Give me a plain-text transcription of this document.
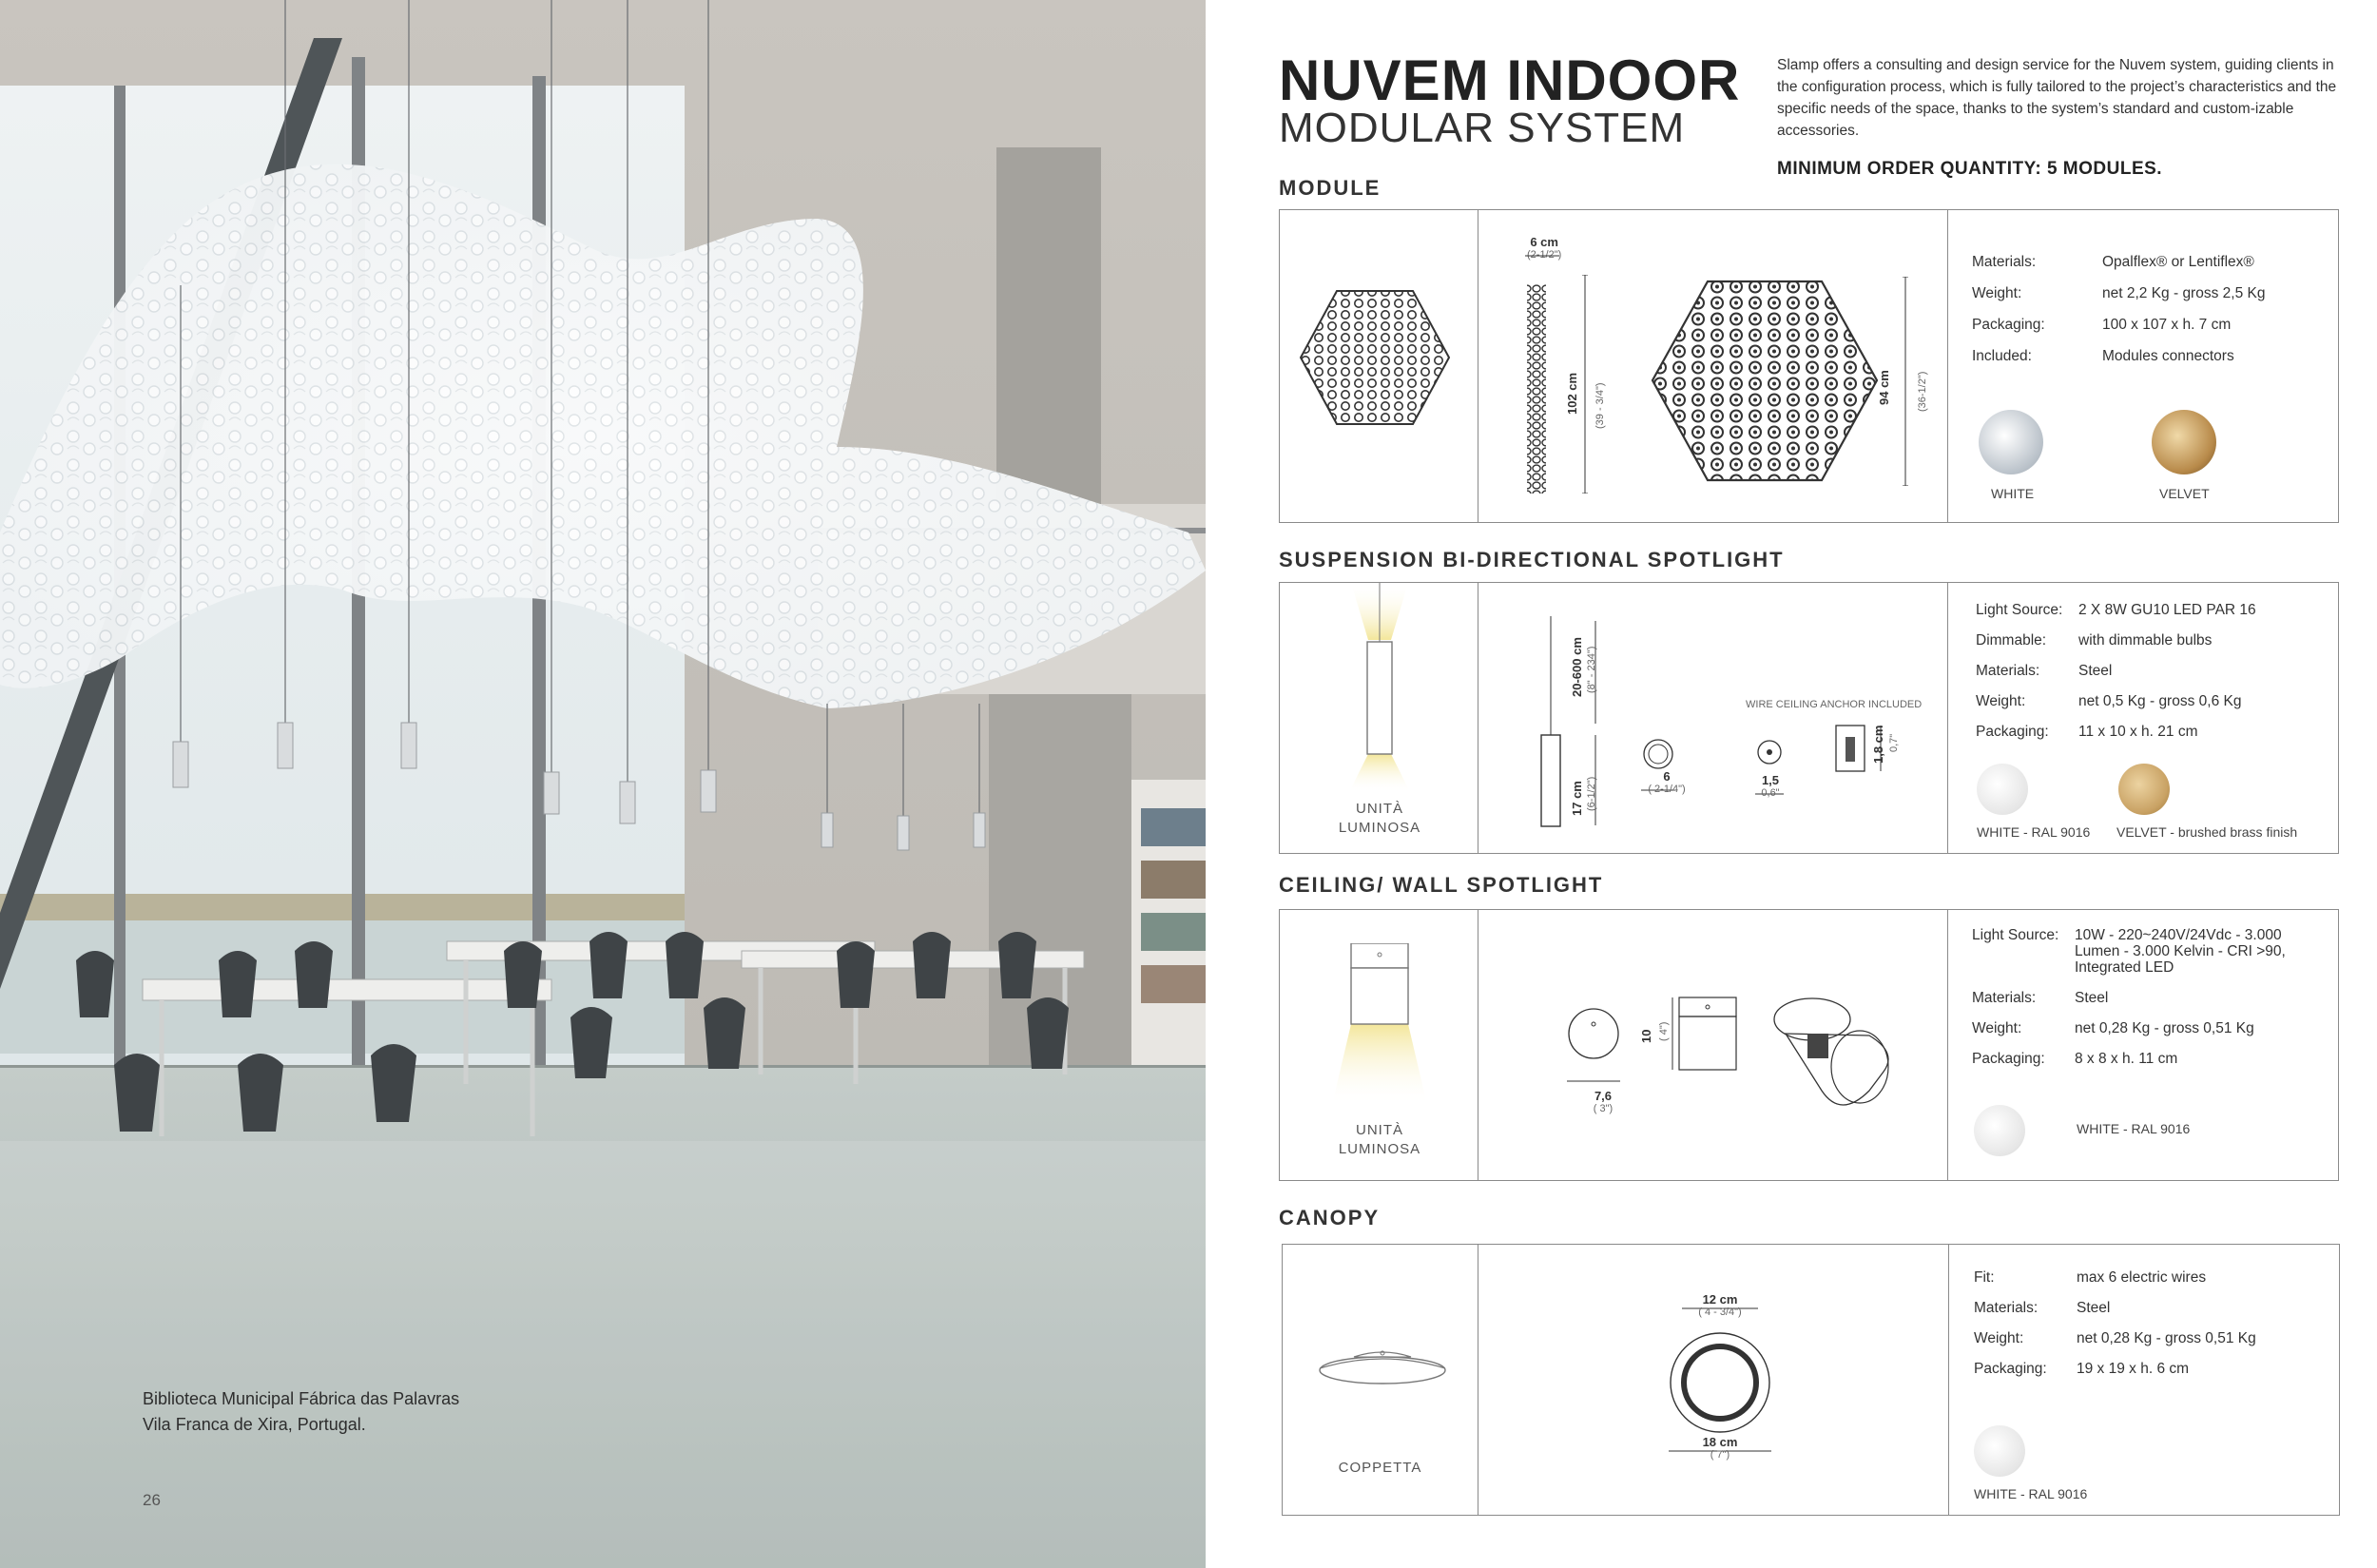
Biblioteca Municipal Fábrica das Palavras
Vila Franca de Xira, Portugal.
26
NUVEM INDOOR
MODULAR SYSTEM

Slamp offers a consulting and design service for the Nuvem system, guiding clients in the configuration process, which is fully tailored to the project’s characteristics and the specific needs of the space, thanks to the system’s standard and custom-izable accessories.

MINIMUM ORDER QUANTITY: 5 MODULES.
MODULE
6 cm
(2-1/2")
102 cm (39 - 3/4")	94 cm (36-1/2")
Materials:	Opalflex® or Lentiflex®
Weight:	net 2,2 Kg - gross 2,5 Kg
Packaging:	100 x 107 x h. 7 cm
Included:	Modules connectors
WHITE	VELVET
SUSPENSION BI-DIRECTIONAL SPOTLIGHT
UNITÀ
LUMINOSA
20-600 cm (8" - 234")
17 cm (6-1/2")
6
( 2-1/4")
WIRE CEILING ANCHOR INCLUDED
1,5
0,6"
1,8 cm 0,7"
Light Source: 2 X 8W GU10 LED PAR 16
Dimmable: with dimmable bulbs
Materials:	Steel
Weight:	net 0,5 Kg - gross 0,6 Kg
Packaging: 11 x 10 x h. 21 cm
WHITE - RAL 9016 VELVET - brushed brass finish
CEILING/ WALL SPOTLIGHT
UNITÀ
LUMINOSA
7,6
( 3")
10 ( 4")
Light Source: 10W - 220~240V/24Vdc - 3.000 Lumen - 3.000 Kelvin - CRI >90, Integrated LED
Materials:	Steel
Weight:	net 0,28 Kg - gross 0,51 Kg
Packaging: 8 x 8 x h. 11 cm
WHITE - RAL 9016
CANOPY
COPPETTA
12 cm
( 4 - 3/4")
18 cm
( 7")
Fit:	max 6 electric wires
Materials:	Steel
Weight:	net 0,28 Kg - gross 0,51 Kg
Packaging: 19 x 19 x h. 6 cm
WHITE - RAL 9016
